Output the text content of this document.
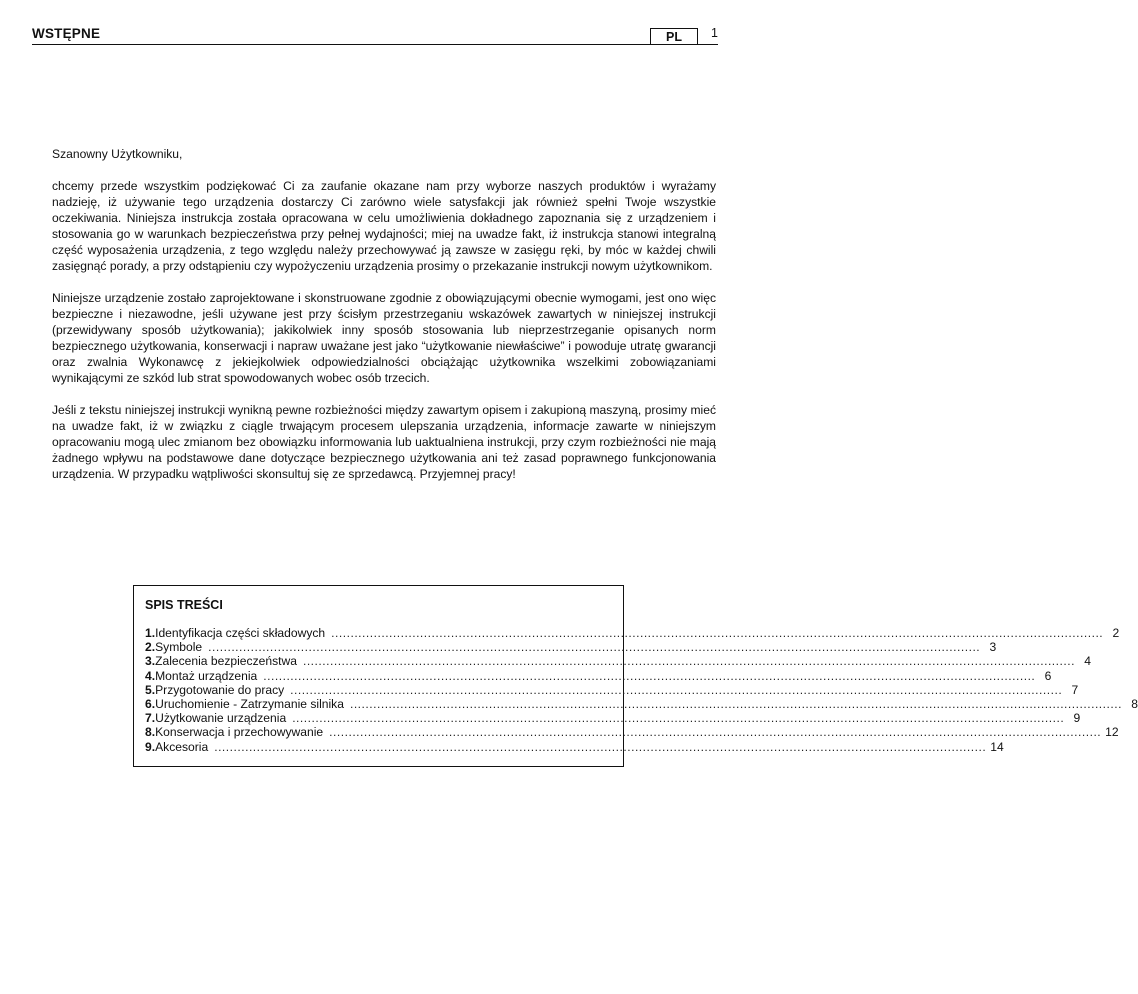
WSTĘPNE	PL	1

Szanowny Użytkowniku,

chcemy przede wszystkim podziękować Ci za zaufanie okazane nam przy wyborze naszych produktów i wyrażamy nadzieję, iż używanie tego urządzenia dostarczy Ci zarówno wiele satysfakcji jak również spełni Twoje wszystkie oczekiwania. Niniejsza instrukcja została opracowana w celu umożliwienia dokładnego zapoznania się z urządzeniem i stosowania go w warunkach bezpieczeństwa przy pełnej wydajności; miej na uwadze fakt, iż instrukcja stanowi integralną część wyposażenia urządzenia, z tego względu należy przechowywać ją zawsze w zasięgu ręki, by móc w każdej chwili zasięgnąć porady, a przy odstąpieniu czy wypożyczeniu urządzenia prosimy o przekazanie instrukcji nowym użytkownikom.

Niniejsze urządzenie zostało zaprojektowane i skonstruowane zgodnie z obowiązującymi obecnie wymogami, jest ono więc bezpieczne i niezawodne, jeśli używane jest przy ścisłym przestrzeganiu wskazówek zawartych w niniejszej instrukcji (przewidywany sposób użytkowania); jakikolwiek inny sposób stosowania lub nieprzestrzeganie opisanych norm bezpiecznego użytkowania, konserwacji i napraw uważane jest jako “użytkowanie niewłaściwe” i powoduje utratę gwarancji oraz zwalnia Wykonawcę z jekiejkolwiek odpowiedzialności obciążając użytkownika wszelkimi zobowiązaniami wynikającymi ze szkód lub strat spowodowanych wobec osób trzecich.

Jeśli z tekstu niniejszej instrukcji wynikną pewne rozbieżności między zawartym opisem i zakupioną maszyną, prosimy mieć na uwadze fakt, iż w związku z ciągle trwającym procesem ulepszania urządzenia, informacje zawarte w niniejszym opracowaniu mogą ulec zmianom bez obowiązku informowania lub uaktualniena instrukcji, przy czym rozbieżności nie mają żadnego wpływu na podstawowe dane dotyczące bezpiecznego użytkowania ani też zasad poprawnego funkcjonowania urządzenia. W przypadku wątpliwości skonsultuj się ze sprzedawcą. Przyjemnej pracy!

SPIS TREŚCI
1. Identyfikacja części składowych ........................................................................................................................................................................................................ 2
2. Symbole ........................................................................................................................................................................................................ 3
3. Zalecenia bezpieczeństwa ........................................................................................................................................................................................................ 4
4. Montaż urządzenia ........................................................................................................................................................................................................ 6
5. Przygotowanie do pracy ........................................................................................................................................................................................................ 7
6. Uruchomienie - Zatrzymanie silnika ........................................................................................................................................................................................................ 8
7. Użytkowanie urządzenia ........................................................................................................................................................................................................ 9
8. Konserwacja i przechowywanie ........................................................................................................................................................................................................ 12
9. Akcesoria ........................................................................................................................................................................................................ 14
